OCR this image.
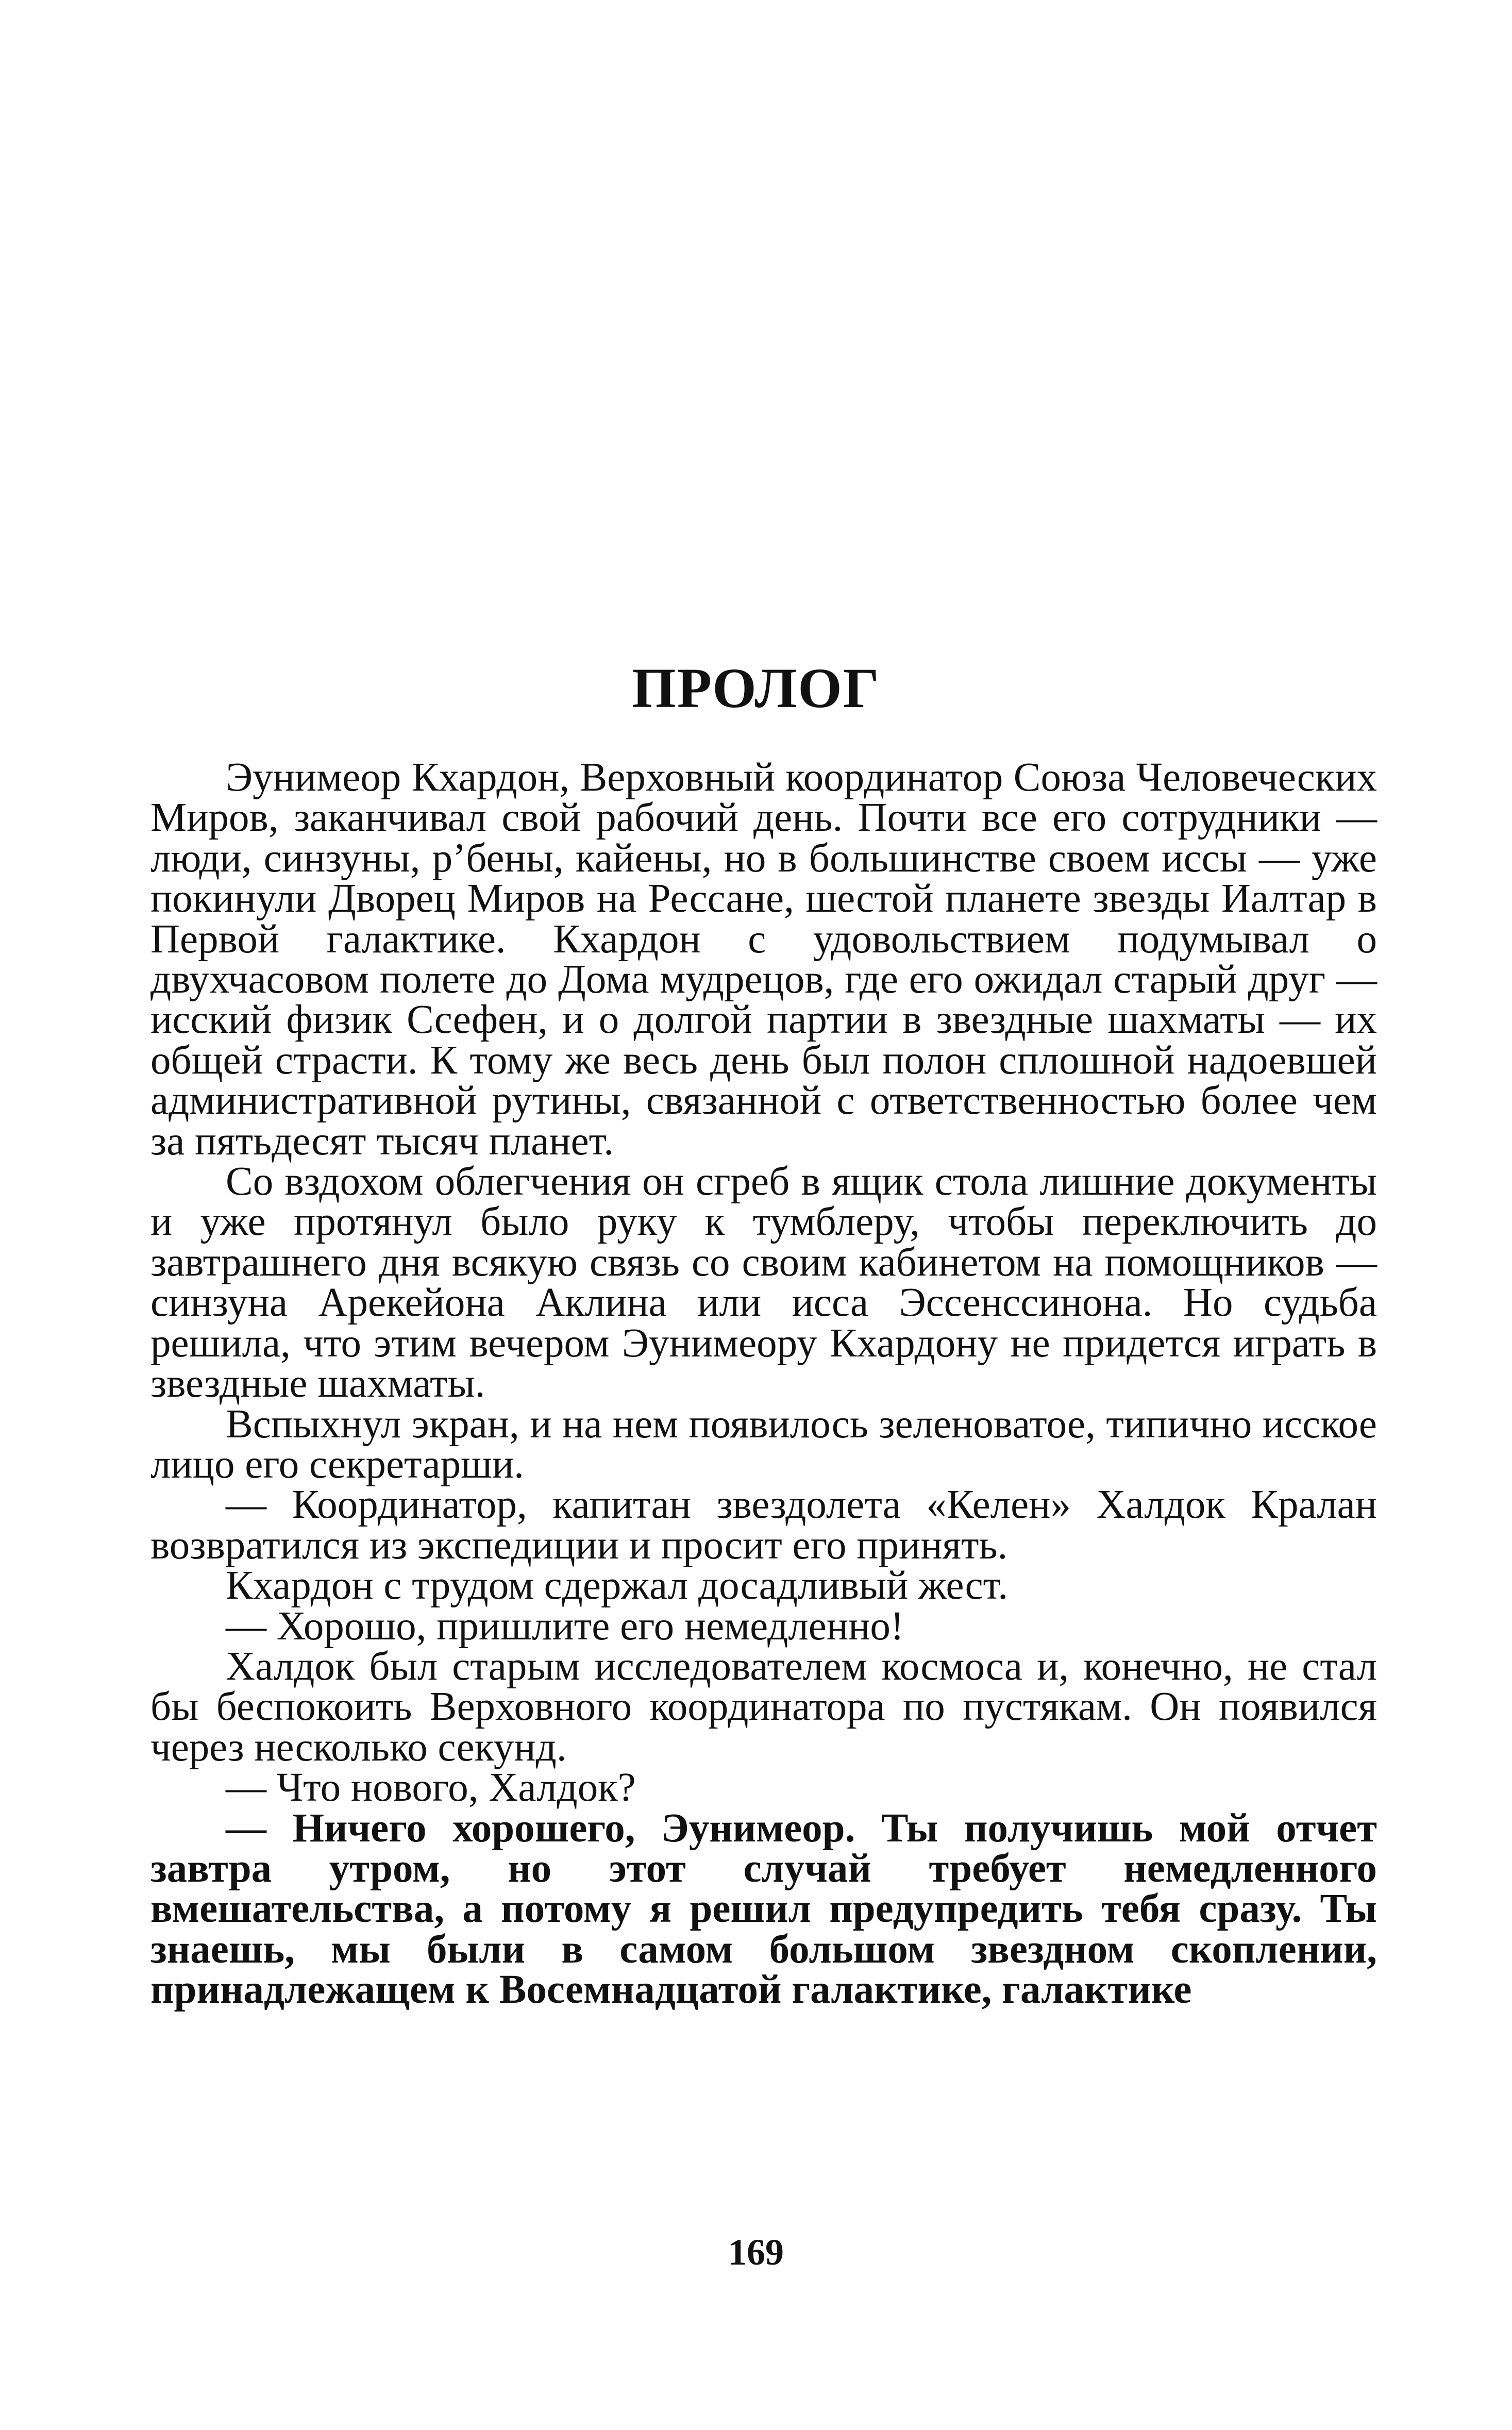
ПРОЛОГ

Эунимеор Кхардон, Верховный координатор Союза Человеческих Миров, заканчивал свой рабочий день. Почти все его сотрудники — люди, синзуны, р’бены, кайены, но в большинстве своем иссы — уже покинули Дворец Миров на Рессане, шестой планете звезды Иалтар в Первой галактике. Кхардон с удовольствием подумывал о двухчасовом полете до Дома мудрецов, где его ожидал старый друг — исский физик Ссефен, и о долгой партии в звездные шахматы — их общей страсти. К тому же весь день был полон сплошной надоевшей административной рутины, связанной с ответственностью более чем за пятьдесят тысяч планет.

Со вздохом облегчения он сгреб в ящик стола лишние документы и уже протянул было руку к тумблеру, чтобы переключить до завтрашнего дня всякую связь со своим кабинетом на помощников — синзуна Арекейона Аклина или исса Эссенссинона. Но судьба решила, что этим вечером Эунимеору Кхардону не придется играть в звездные шахматы.

Вспыхнул экран, и на нем появилось зеленоватое, типично исское лицо его секретарши.

— Координатор, капитан звездолета «Келен» Халдок Кралан возвратился из экспедиции и просит его принять.

Кхардон с трудом сдержал досадливый жест.

— Хорошо, пришлите его немедленно!

Халдок был старым исследователем космоса и, конечно, не стал бы беспокоить Верховного координатора по пустякам. Он появился через несколько секунд.

— Что нового, Халдок?

— Ничего хорошего, Эунимеор. Ты получишь мой отчет завтра утром, но этот случай требует немедленного вмешательства, а потому я решил предупредить тебя сразу. Ты знаешь, мы были в самом большом звездном скоплении, принадлежащем к Восемнадцатой галактике, галактике

169
